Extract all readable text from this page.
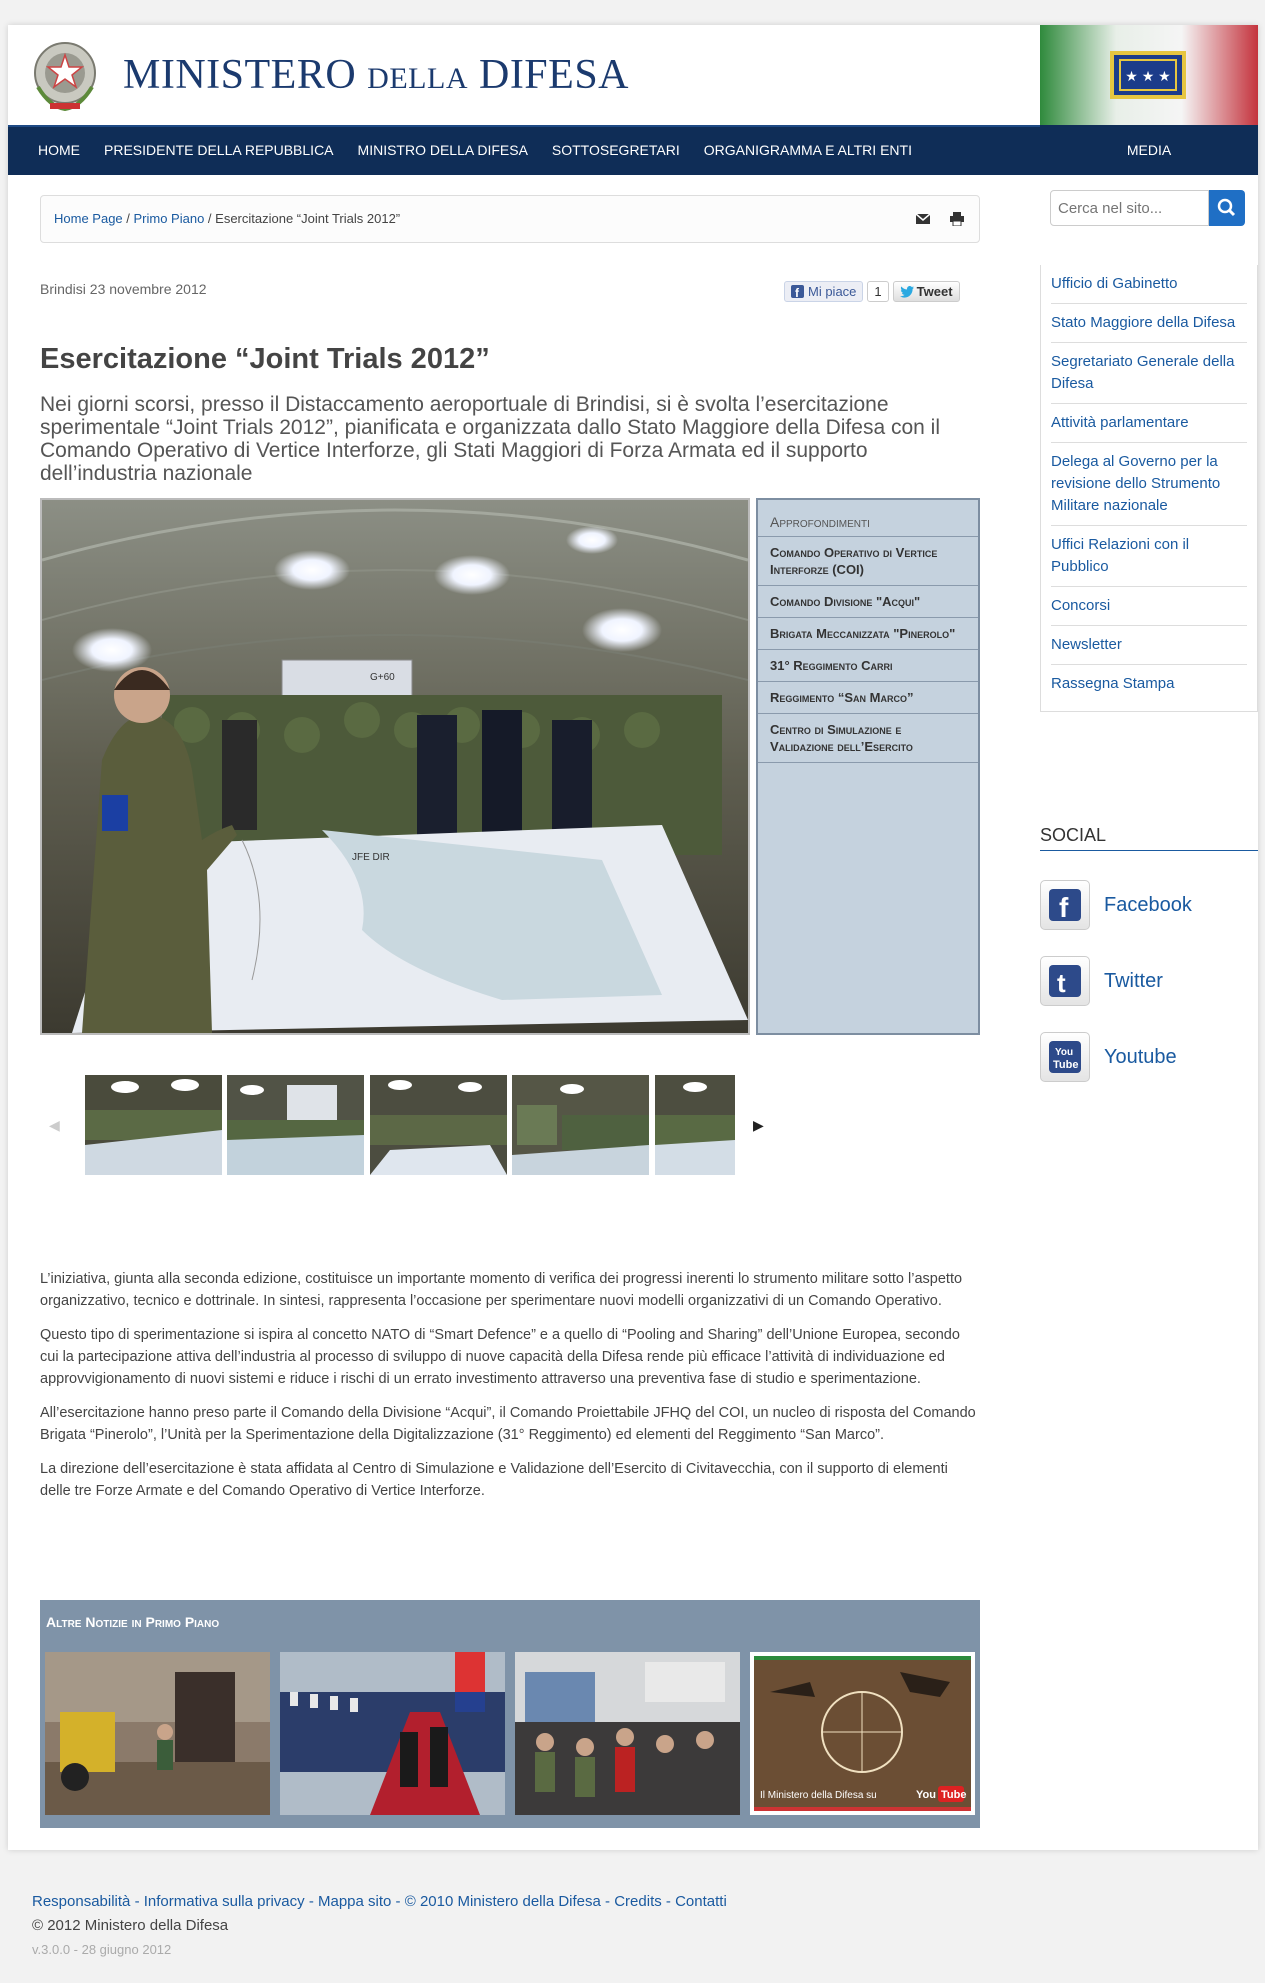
MINISTERO DELLA DIFESA	★ ★ ★
HOME PRESIDENTE DELLA REPUBBLICA MINISTRO DELLA DIFESA SOTTOSEGRETARI ORGANIGRAMMA E ALTRI ENTI	MEDIA
Home Page / Primo Piano / Esercitazione “Joint Trials 2012”
Brindisi 23 novembre 2012	f Mi piace	1	Tweet
Esercitazione “Joint Trials 2012”
Nei giorni scorsi, presso il Distaccamento aeroportuale di Brindisi, si è svolta l’esercitazione sperimentale “Joint Trials 2012”, pianificata e organizzata dallo Stato Maggiore della Difesa con il Comando Operativo di Vertice Interforze, gli Stati Maggiori di Forza Armata ed il supporto dell’industria nazionale
G+60
JFE DIR
Approfondimenti
Comando Operativo di Vertice Interforze (COI)
Comando Divisione "Acqui"
Brigata Meccanizzata "Pinerolo"
31° Reggimento Carri
Reggimento “San Marco”
Centro di Simulazione e Validazione dell’Esercito
◀	▶

L’iniziativa, giunta alla seconda edizione, costituisce un importante momento di verifica dei progressi inerenti lo strumento militare sotto l’aspetto organizzativo, tecnico e dottrinale. In sintesi, rappresenta l’occasione per sperimentare nuovi modelli organizzativi di un Comando Operativo.

Questo tipo di sperimentazione si ispira al concetto NATO di “Smart Defence” e a quello di “Pooling and Sharing” dell’Unione Europea, secondo cui la partecipazione attiva dell’industria al processo di sviluppo di nuove capacità della Difesa rende più efficace l’attività di individuazione ed approvvigionamento di nuovi sistemi e riduce i rischi di un errato investimento attraverso una preventiva fase di studio e sperimentazione.

All’esercitazione hanno preso parte il Comando della Divisione “Acqui”, il Comando Proiettabile JFHQ del COI, un nucleo di risposta del Comando Brigata “Pinerolo”, l’Unità per la Sperimentazione della Digitalizzazione (31° Reggimento) ed elementi del Reggimento “San Marco”.

La direzione dell’esercitazione è stata affidata al Centro di Simulazione e Validazione dell’Esercito di Civitavecchia, con il supporto di elementi delle tre Forze Armate e del Comando Operativo di Vertice Interforze.

Altre Notizie in Primo Piano
Il Ministero della Difesa su	You Tube
Cerca nel sito...
Ufficio di Gabinetto
Stato Maggiore della Difesa
Segretariato Generale della Difesa
Attività parlamentare
Delega al Governo per la revisione dello Strumento Militare nazionale
Uffici Relazioni con il Pubblico
Concorsi
Newsletter
Rassegna Stampa
SOCIAL
f Facebook
t Twitter
You
Tube Youtube
Responsabilità - Informativa sulla privacy - Mappa sito - © 2010 Ministero della Difesa - Credits - Contatti
© 2012 Ministero della Difesa
v.3.0.0 - 28 giugno 2012
